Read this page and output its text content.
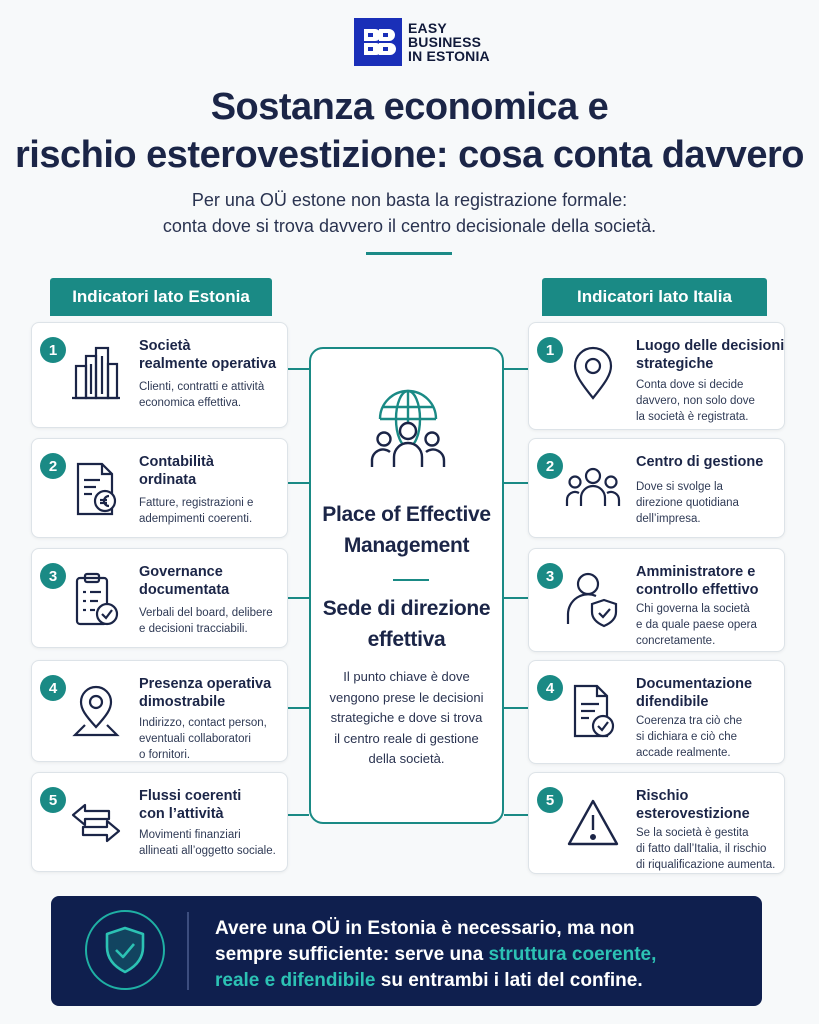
EASY
BUSINESS
IN ESTONIA
Sostanza economica e
rischio esterovestizione: cosa conta davvero
Per una OÜ estone non basta la registrazione formale:
conta dove si trova davvero il centro decisionale della società.
Indicatori lato Estonia	Indicatori lato Italia
1	Società
realmente operativa
Clienti, contratti e attività
economica effettiva.
2	Contabilità
ordinata
Fatture, registrazioni e
adempimenti coerenti.
3	Governance
documentata
Verbali del board, delibere
e decisioni tracciabili.
4	Presenza operativa
dimostrabile
Indirizzo, contact person,
eventuali collaboratori
o fornitori.
5	Flussi coerenti
con l’attività
Movimenti finanziari
allineati all’oggetto sociale.
1	Luogo delle decisioni
strategiche
Conta dove si decide
davvero, non solo dove
la società è registrata.
2	Centro di gestione
Dove si svolge la
direzione quotidiana
dell’impresa.
3	Amministratore e
controllo effettivo
Chi governa la società
e da quale paese opera
concretamente.
4	Documentazione
difendibile
Coerenza tra ciò che
si dichiara e ciò che
accade realmente.
5	Rischio
esterovestizione
Se la società è gestita
di fatto dall’Italia, il rischio
di riqualificazione aumenta.
Place of Effective
Management
Sede di direzione
effettiva
Il punto chiave è dove
vengono prese le decisioni
strategiche e dove si trova
il centro reale di gestione
della società.
Avere una OÜ in Estonia è necessario, ma non
sempre sufficiente: serve una struttura coerente,
reale e difendibile su entrambi i lati del confine.
